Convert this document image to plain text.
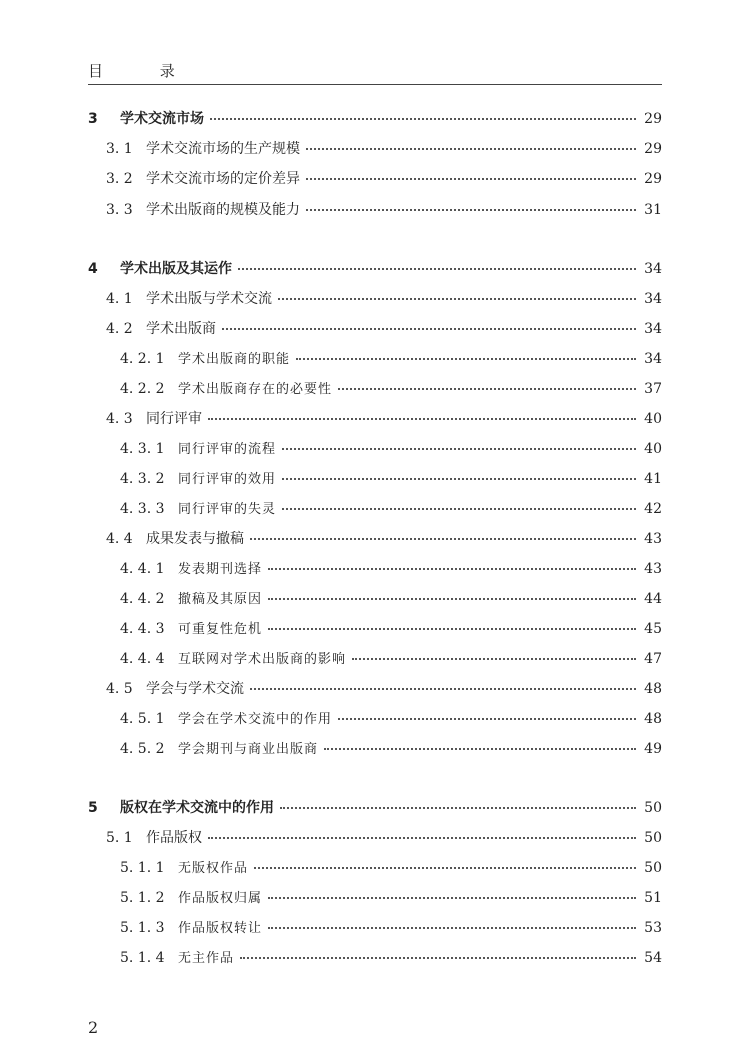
目 录
3	学术交流市场	29
3. 1 学术交流市场的生产规模	29
3. 2 学术交流市场的定价差异	29
3. 3 学术出版商的规模及能力	31
4	学术出版及其运作	34
4. 1 学术出版与学术交流	34
4. 2 学术出版商	34
4. 2. 1	学术出版商的职能	34
4. 2. 2	学术出版商存在的必要性	37
4. 3 同行评审	40
4. 3. 1	同行评审的流程	40
4. 3. 2	同行评审的效用	41
4. 3. 3	同行评审的失灵	42
4. 4 成果发表与撤稿	43
4. 4. 1	发表期刊选择	43
4. 4. 2	撤稿及其原因	44
4. 4. 3	可重复性危机	45
4. 4. 4	互联网对学术出版商的影响	47
4. 5 学会与学术交流	48
4. 5. 1	学会在学术交流中的作用	48
4. 5. 2	学会期刊与商业出版商	49
5	版权在学术交流中的作用	50
5. 1 作品版权	50
5. 1. 1	无版权作品	50
5. 1. 2	作品版权归属	51
5. 1. 3	作品版权转让	53
5. 1. 4	无主作品	54
2
